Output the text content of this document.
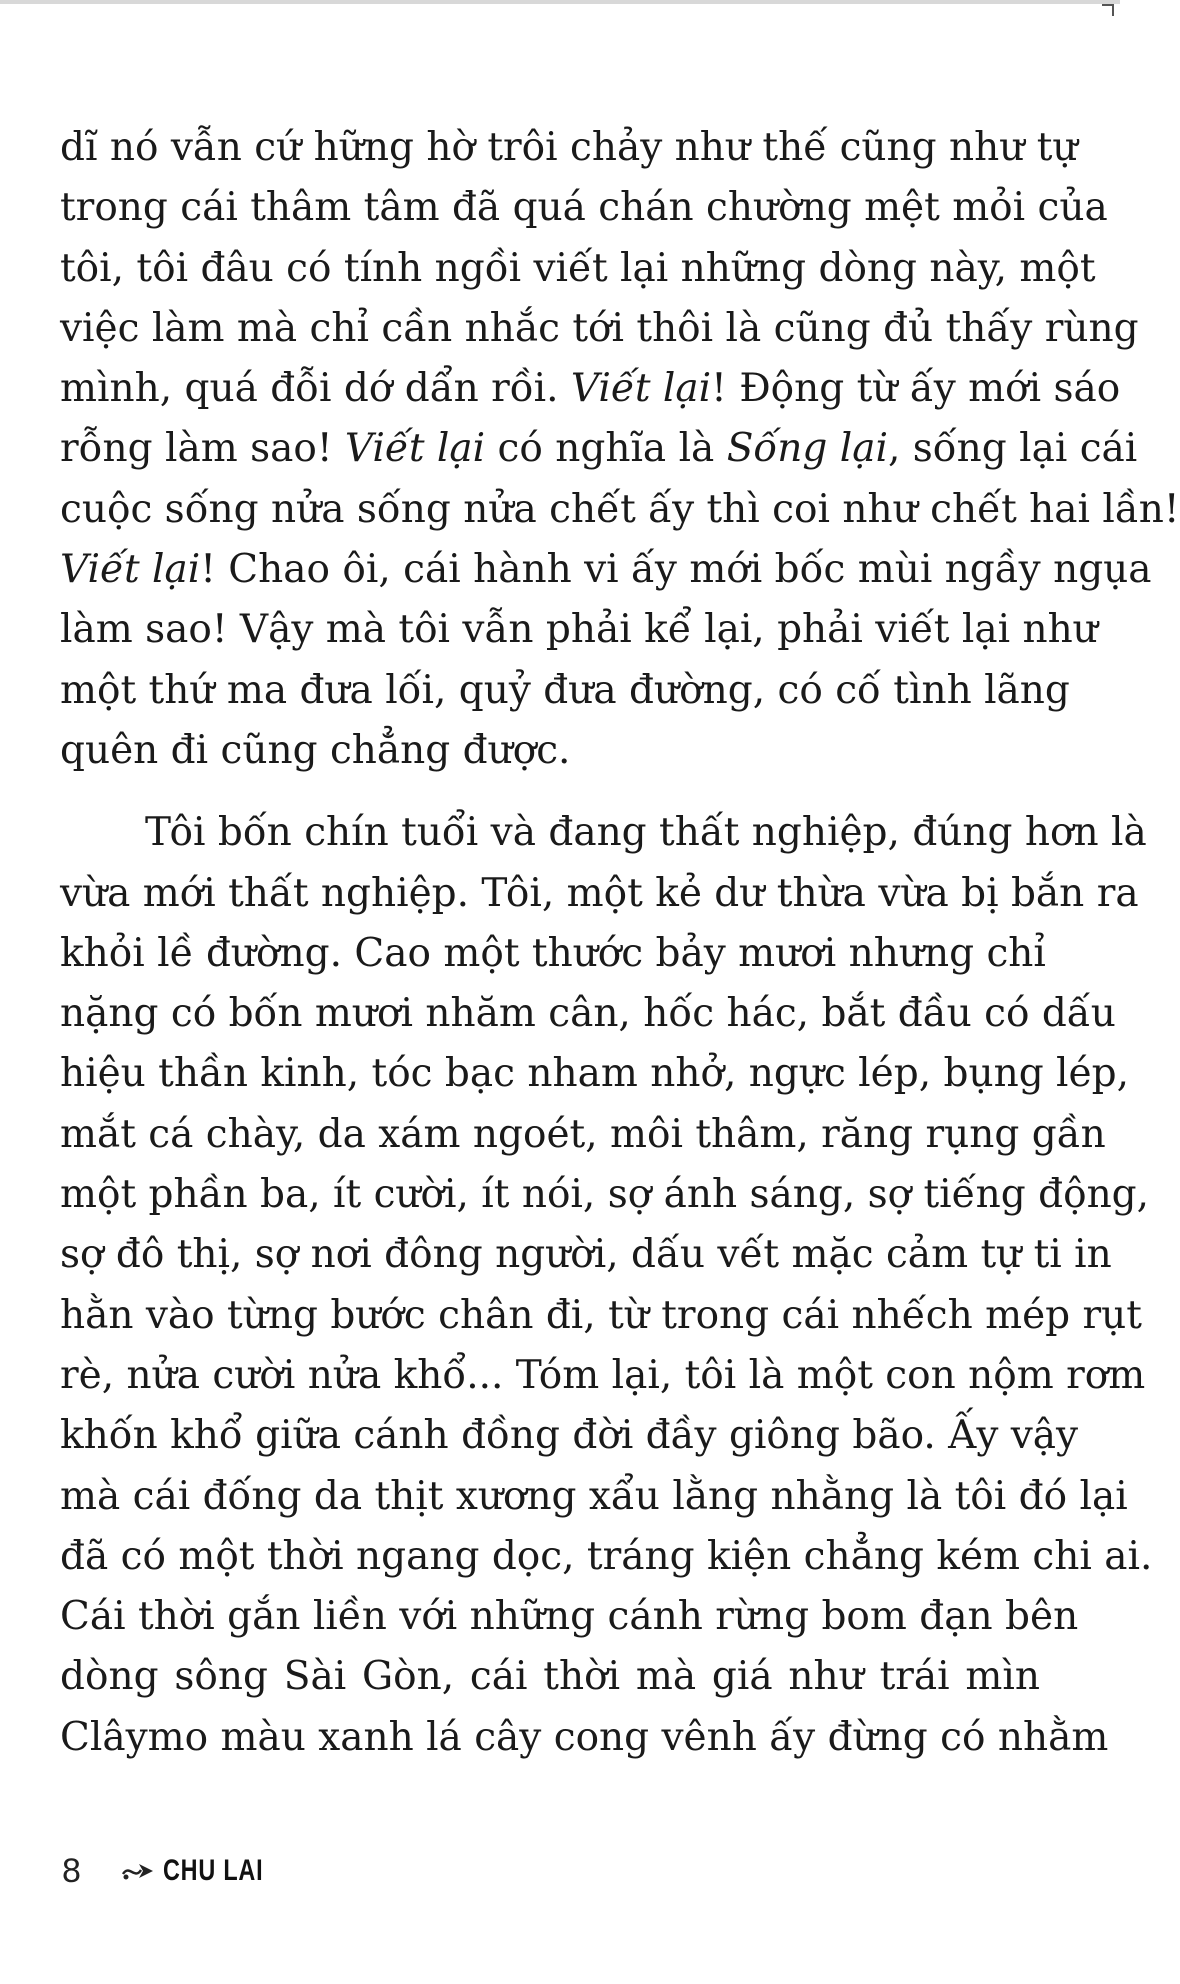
dĩ nó vẫn cứ hững hờ trôi chảy như thế cũng như tự
trong cái thâm tâm đã quá chán chường mệt mỏi của
tôi, tôi đâu có tính ngồi viết lại những dòng này, một
việc làm mà chỉ cần nhắc tới thôi là cũng đủ thấy rùng
mình, quá đỗi dớ dẩn rồi. Viết lại! Động từ ấy mới sáo
rỗng làm sao! Viết lại có nghĩa là Sống lại, sống lại cái
cuộc sống nửa sống nửa chết ấy thì coi như chết hai lần!
Viết lại! Chao ôi, cái hành vi ấy mới bốc mùi ngầy ngụa
làm sao! Vậy mà tôi vẫn phải kể lại, phải viết lại như
một thứ ma đưa lối, quỷ đưa đường, có cố tình lãng
quên đi cũng chẳng được.
Tôi bốn chín tuổi và đang thất nghiệp, đúng hơn là
vừa mới thất nghiệp. Tôi, một kẻ dư thừa vừa bị bắn ra
khỏi lề đường. Cao một thước bảy mươi nhưng chỉ
nặng có bốn mươi nhăm cân, hốc hác, bắt đầu có dấu
hiệu thần kinh, tóc bạc nham nhở, ngực lép, bụng lép,
mắt cá chày, da xám ngoét, môi thâm, răng rụng gần
một phần ba, ít cười, ít nói, sợ ánh sáng, sợ tiếng động,
sợ đô thị, sợ nơi đông người, dấu vết mặc cảm tự ti in
hằn vào từng bước chân đi, từ trong cái nhếch mép rụt
rè, nửa cười nửa khổ... Tóm lại, tôi là một con nộm rơm
khốn khổ giữa cánh đồng đời đầy giông bão. Ấy vậy
mà cái đống da thịt xương xẩu lằng nhằng là tôi đó lại
đã có một thời ngang dọc, tráng kiện chẳng kém chi ai.
Cái thời gắn liền với những cánh rừng bom đạn bên
dòng sông Sài Gòn, cái thời mà giá như trái mìn
Clâymo màu xanh lá cây cong vênh ấy đừng có nhằm
8	CHU LAI
